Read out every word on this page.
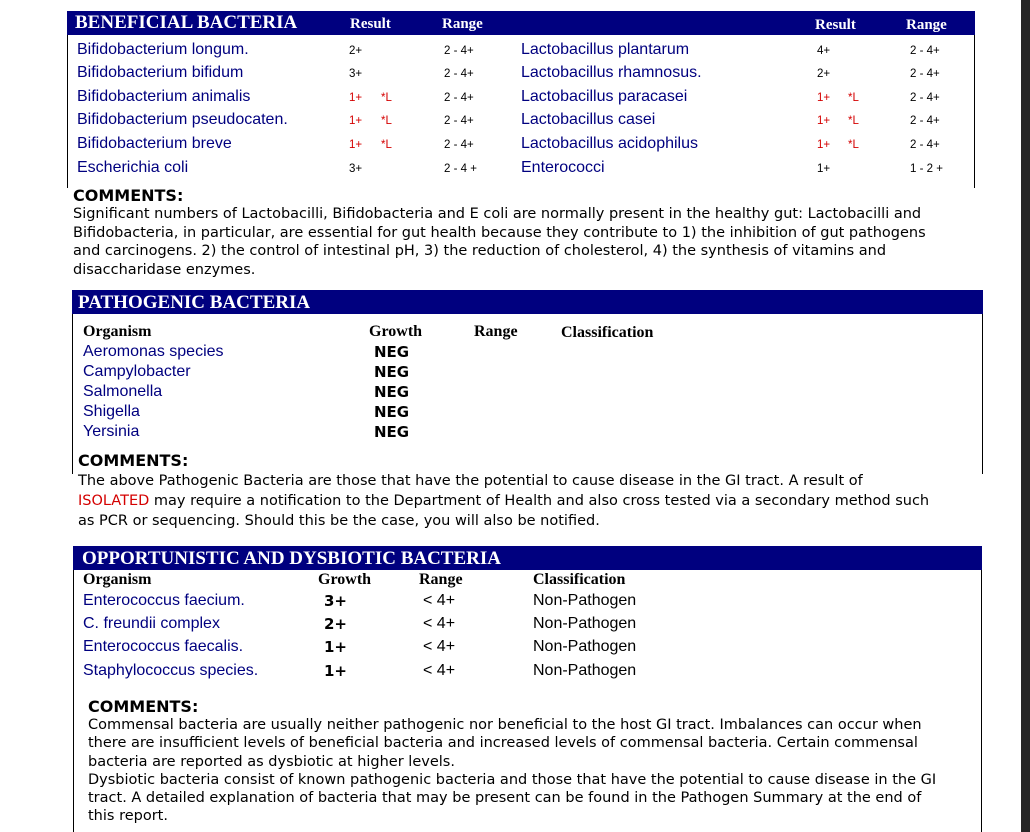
BENEFICIAL BACTERIA	Result	Range	Result	Range
Bifidobacterium longum.	2+	2 - 4+
Bifidobacterium bifidum	3+	2 - 4+
Bifidobacterium animalis	1+ *L	2 - 4+
Bifidobacterium pseudocaten.	1+ *L	2 - 4+
Bifidobacterium breve	1+ *L	2 - 4+
Escherichia coli	3+	2 - 4 +
Lactobacillus plantarum	4+	2 - 4+
Lactobacillus rhamnosus.	2+	2 - 4+
Lactobacillus paracasei	1+ *L	2 - 4+
Lactobacillus casei	1+ *L	2 - 4+
Lactobacillus acidophilus	1+ *L	2 - 4+
Enterococci	1+	1 - 2 +
COMMENTS:
Significant numbers of Lactobacilli, Bifidobacteria and E coli are normally present in the healthy gut: Lactobacilli and
Bifidobacteria, in particular, are essential for gut health because they contribute to 1) the inhibition of gut pathogens
and carcinogens. 2) the control of intestinal pH, 3) the reduction of cholesterol, 4) the synthesis of vitamins and
disaccharidase enzymes.
PATHOGENIC BACTERIA
Organism	Growth	Range	Classification
Aeromonas species	NEG
Campylobacter	NEG
Salmonella	NEG
Shigella	NEG
Yersinia	NEG
COMMENTS:
The above Pathogenic Bacteria are those that have the potential to cause disease in the GI tract. A result of
ISOLATED may require a notification to the Department of Health and also cross tested via a secondary method such
as PCR or sequencing. Should this be the case, you will also be notified.
OPPORTUNISTIC AND DYSBIOTIC BACTERIA
Organism	Growth	Range	Classification
Enterococcus faecium.	3+	< 4+	Non-Pathogen
C. freundii complex	2+	< 4+	Non-Pathogen
Enterococcus faecalis.	1+	< 4+	Non-Pathogen
Staphylococcus species.	1+	< 4+	Non-Pathogen
COMMENTS:
Commensal bacteria are usually neither pathogenic nor beneficial to the host GI tract. Imbalances can occur when
there are insufficient levels of beneficial bacteria and increased levels of commensal bacteria. Certain commensal
bacteria are reported as dysbiotic at higher levels.
Dysbiotic bacteria consist of known pathogenic bacteria and those that have the potential to cause disease in the GI
tract. A detailed explanation of bacteria that may be present can be found in the Pathogen Summary at the end of
this report.
